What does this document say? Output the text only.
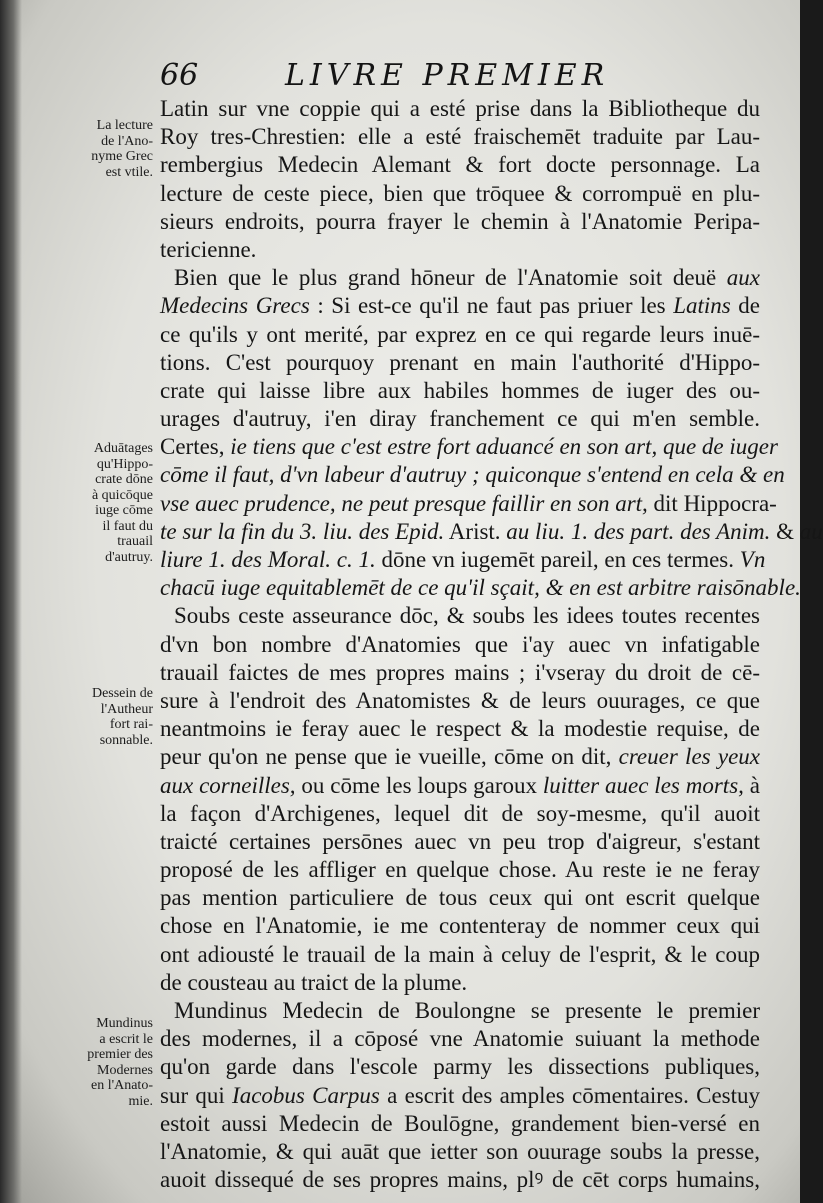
66	LIVRE PREMIER
La lecture
de l'Ano-
nyme Grec
est vtile.
Aduātages
qu'Hippo-
crate dōne
à quicōque
iuge cōme
il faut du
trauail
d'autruy.
Dessein de
l'Autheur
fort rai-
sonnable.
Mundinus
a escrit le
premier des
Modernes
en l'Anato-
mie.
Latin sur vne coppie qui a esté prise dans la Bibliotheque du
Roy tres-Chrestien: elle a esté fraischemēt traduite par Lau-
rembergius Medecin Alemant & fort docte personnage. La
lecture de ceste piece, bien que trōquee & corrompuë en plu-
sieurs endroits, pourra frayer le chemin à l'Anatomie Peripa-
tericienne.
Bien que le plus grand hōneur de l'Anatomie soit deuë aux
Medecins Grecs : Si est-ce qu'il ne faut pas priuer les Latins de
ce qu'ils y ont merité, par exprez en ce qui regarde leurs inuē-
tions. C'est pourquoy prenant en main l'authorité d'Hippo-
crate qui laisse libre aux habiles hommes de iuger des ou-
urages d'autruy, i'en diray franchement ce qui m'en semble.
Certes, ie tiens que c'est estre fort aduancé en son art, que de iuger
cōme il faut, d'vn labeur d'autruy ; quiconque s'entend en cela & en
vse auec prudence, ne peut presque faillir en son art, dit Hippocra-
te sur la fin du 3. liu. des Epid. Arist. au liu. 1. des part. des Anim. & au
liure 1. des Moral. c. 1. dōne vn iugemēt pareil, en ces termes. Vn
chacū iuge equitablemēt de ce qu'il sçait, & en est arbitre raisōnable.
Soubs ceste asseurance dōc, & soubs les idees toutes recentes
d'vn bon nombre d'Anatomies que i'ay auec vn infatigable
trauail faictes de mes propres mains ; i'vseray du droit de cē-
sure à l'endroit des Anatomistes & de leurs ouurages, ce que
neantmoins ie feray auec le respect & la modestie requise, de
peur qu'on ne pense que ie vueille, cōme on dit, creuer les yeux
aux corneilles, ou cōme les loups garoux luitter auec les morts, à
la façon d'Archigenes, lequel dit de soy-mesme, qu'il auoit
traicté certaines persōnes auec vn peu trop d'aigreur, s'estant
proposé de les affliger en quelque chose. Au reste ie ne feray
pas mention particuliere de tous ceux qui ont escrit quelque
chose en l'Anatomie, ie me contenteray de nommer ceux qui
ont adiousté le trauail de la main à celuy de l'esprit, & le coup
de cousteau au traict de la plume.
Mundinus Medecin de Boulongne se presente le premier
des modernes, il a cōposé vne Anatomie suiuant la methode
qu'on garde dans l'escole parmy les dissections publiques,
sur qui Iacobus Carpus a escrit des amples cōmentaires. Cestuy
estoit aussi Medecin de Boulōgne, grandement bien-versé en
l'Anatomie, & qui auāt que ietter son ouurage soubs la presse,
auoit dissequé de ses propres mains, plꝰ de cēt corps humains,
